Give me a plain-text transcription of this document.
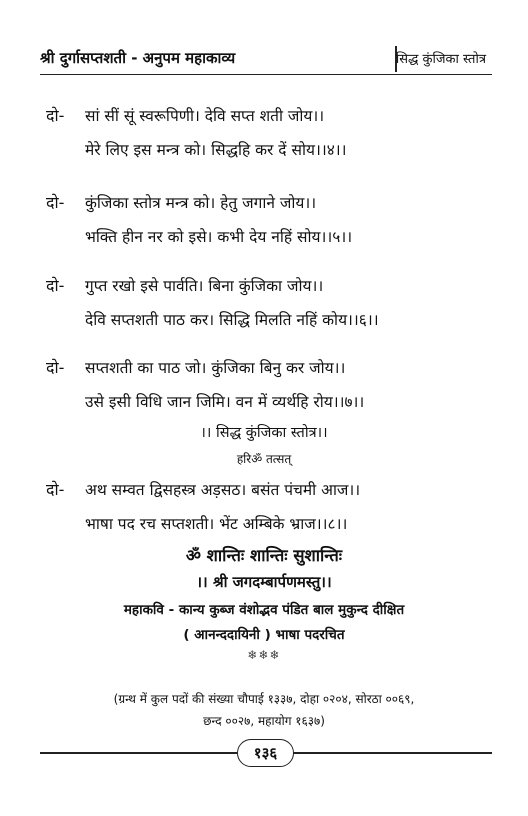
श्री दुर्गासप्तशती - अनुपम महाकाव्य	सिद्ध कुंजिका स्तोत्र
दो- सां सीं सूं स्वरूपिणी। देवि सप्त शती जोय।।
मेरे लिए इस मन्त्र को। सिद्धहि कर दें सोय।।४।।
दो- कुंजिका स्तोत्र मन्त्र को। हेतु जगाने जोय।।
भक्ति हीन नर को इसे। कभी देय नहिं सोय।।५।।
दो- गुप्त रखो इसे पार्वति। बिना कुंजिका जोय।।
देवि सप्तशती पाठ कर। सिद्धि मिलति नहिं कोय।।६।।
दो- सप्तशती का पाठ जो। कुंजिका बिनु कर जोय।।
उसे इसी विधि जान जिमि। वन में व्यर्थहि रोय।।७।।
।। सिद्ध कुंजिका स्तोत्र।।
हरिॐ तत्सत्
दो- अथ सम्वत द्विसहस्त्र अड़सठ। बसंत पंचमी आज।।
भाषा पद रच सप्तशती। भेंट अम्बिके भ्राज।।८।।
ॐ शान्तिः शान्तिः सुशान्तिः
।। श्री जगदम्बार्पणमस्तु।।
महाकवि - कान्य कुब्ज वंशोद्भव पंडित बाल मुकुन्द दीक्षित
( आनन्ददायिनी ) भाषा पदरचित
❄❄❄
(ग्रन्थ में कुल पदों की संख्या चौपाई १३३७, दोहा ०२०४, सोरठा ००६९,
छन्द ००२७, महायोग १६३७)
१३६
